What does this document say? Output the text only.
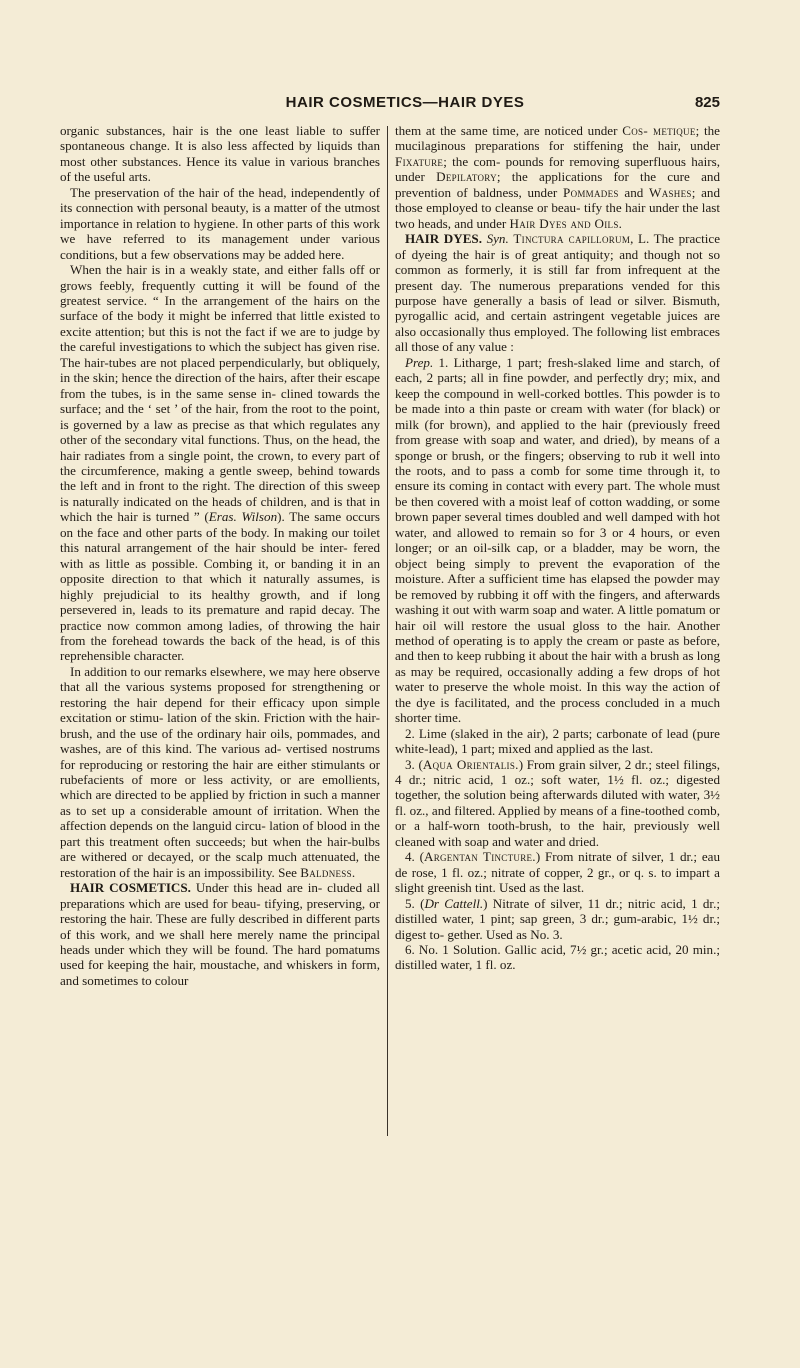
HAIR COSMETICS—HAIR DYES	825

organic substances, hair is the one least liable to suffer spontaneous change. It is also less affected by liquids than most other substances. Hence its value in various branches of the useful arts.

The preservation of the hair of the head, independently of its connection with personal beauty, is a matter of the utmost importance in relation to hygiene. In other parts of this work we have referred to its management under various conditions, but a few observations may be added here.

When the hair is in a weakly state, and either falls off or grows feebly, frequently cutting it will be found of the greatest service. “ In the arrangement of the hairs on the surface of the body it might be inferred that little existed to excite attention; but this is not the fact if we are to judge by the careful investigations to which the subject has given rise. The hair-tubes are not placed perpendicularly, but obliquely, in the skin; hence the direction of the hairs, after their escape from the tubes, is in the same sense in- clined towards the surface; and the ‘ set ’ of the hair, from the root to the point, is governed by a law as precise as that which regulates any other of the secondary vital functions. Thus, on the head, the hair radiates from a single point, the crown, to every part of the circumference, making a gentle sweep, behind towards the left and in front to the right. The direction of this sweep is naturally indicated on the heads of children, and is that in which the hair is turned ” (Eras. Wilson). The same occurs on the face and other parts of the body. In making our toilet this natural arrangement of the hair should be inter- fered with as little as possible. Combing it, or banding it in an opposite direction to that which it naturally assumes, is highly prejudicial to its healthy growth, and if long persevered in, leads to its premature and rapid decay. The practice now common among ladies, of throwing the hair from the forehead towards the back of the head, is of this reprehensible character.

In addition to our remarks elsewhere, we may here observe that all the various systems proposed for strengthening or restoring the hair depend for their efficacy upon simple excitation or stimu- lation of the skin. Friction with the hair-brush, and the use of the ordinary hair oils, pommades, and washes, are of this kind. The various ad- vertised nostrums for reproducing or restoring the hair are either stimulants or rubefacients of more or less activity, or are emollients, which are directed to be applied by friction in such a manner as to set up a considerable amount of irritation. When the affection depends on the languid circu- lation of blood in the part this treatment often succeeds; but when the hair-bulbs are withered or decayed, or the scalp much attenuated, the restoration of the hair is an impossibility. See Baldness.

HAIR COSMETICS. Under this head are in- cluded all preparations which are used for beau- tifying, preserving, or restoring the hair. These are fully described in different parts of this work, and we shall here merely name the principal heads under which they will be found. The hard pomatums used for keeping the hair, moustache, and whiskers in form, and sometimes to colour

them at the same time, are noticed under Cos- metique; the mucilaginous preparations for stiffening the hair, under Fixature; the com- pounds for removing superfluous hairs, under Depilatory; the applications for the cure and prevention of baldness, under Pommades and Washes; and those employed to cleanse or beau- tify the hair under the last two heads, and under Hair Dyes and Oils.

HAIR DYES. Syn. Tinctura capillorum, L. The practice of dyeing the hair is of great antiquity; and though not so common as formerly, it is still far from infrequent at the present day. The numerous preparations vended for this purpose have generally a basis of lead or silver. Bismuth, pyrogallic acid, and certain astringent vegetable juices are also occasionally thus employed. The following list embraces all those of any value :

Prep. 1. Litharge, 1 part; fresh-slaked lime and starch, of each, 2 parts; all in fine powder, and perfectly dry; mix, and keep the compound in well-corked bottles. This powder is to be made into a thin paste or cream with water (for black) or milk (for brown), and applied to the hair (previously freed from grease with soap and water, and dried), by means of a sponge or brush, or the fingers; observing to rub it well into the roots, and to pass a comb for some time through it, to ensure its coming in contact with every part. The whole must be then covered with a moist leaf of cotton wadding, or some brown paper several times doubled and well damped with hot water, and allowed to remain so for 3 or 4 hours, or even longer; or an oil-silk cap, or a bladder, may be worn, the object being simply to prevent the evaporation of the moisture. After a sufficient time has elapsed the powder may be removed by rubbing it off with the fingers, and afterwards washing it out with warm soap and water. A little pomatum or hair oil will restore the usual gloss to the hair. Another method of operating is to apply the cream or paste as before, and then to keep rubbing it about the hair with a brush as long as may be required, occasionally adding a few drops of hot water to preserve the whole moist. In this way the action of the dye is facilitated, and the process concluded in a much shorter time.

2. Lime (slaked in the air), 2 parts; carbonate of lead (pure white-lead), 1 part; mixed and applied as the last.

3. (Aqua Orientalis.) From grain silver, 2 dr.; steel filings, 4 dr.; nitric acid, 1 oz.; soft water, 1½ fl. oz.; digested together, the solution being afterwards diluted with water, 3½ fl. oz., and filtered. Applied by means of a fine-toothed comb, or a half-worn tooth-brush, to the hair, previously well cleaned with soap and water and dried.

4. (Argentan Tincture.) From nitrate of silver, 1 dr.; eau de rose, 1 fl. oz.; nitrate of copper, 2 gr., or q. s. to impart a slight greenish tint. Used as the last.

5. (Dr Cattell.) Nitrate of silver, 11 dr.; nitric acid, 1 dr.; distilled water, 1 pint; sap green, 3 dr.; gum-arabic, 1½ dr.; digest to- gether. Used as No. 3.

6. No. 1 Solution. Gallic acid, 7½ gr.; acetic acid, 20 min.; distilled water, 1 fl. oz.
